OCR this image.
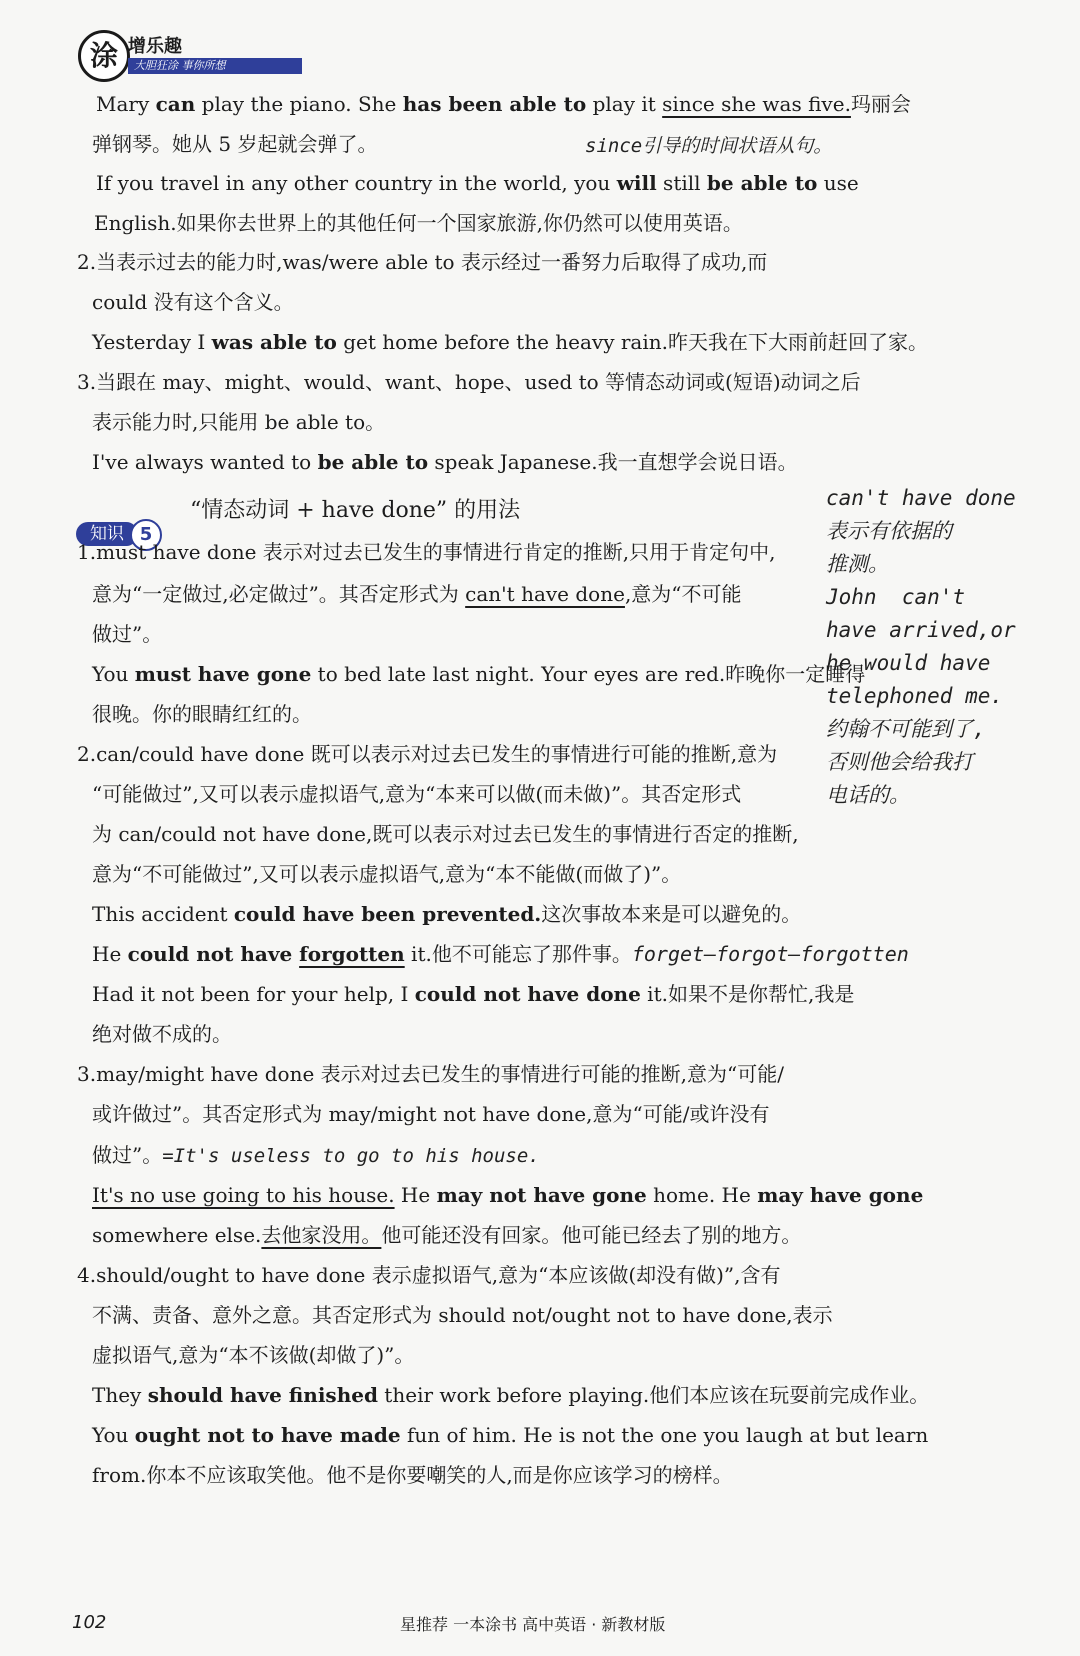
涂 增乐趣
大胆狂涂 事你所想
Mary can play the piano. She has been able to play it since she was five.玛丽会
弹钢琴。她从 5 岁起就会弹了。	since引导的时间状语从句。
If you travel in any other country in the world, you will still be able to use
English.如果你去世界上的其他任何一个国家旅游,你仍然可以使用英语。
2.当表示过去的能力时,was/were able to 表示经过一番努力后取得了成功,而
could 没有这个含义。
Yesterday I was able to get home before the heavy rain.昨天我在下大雨前赶回了家。
3.当跟在 may、might、would、want、hope、used to 等情态动词或(短语)动词之后
表示能力时,只能用 be able to。
I've always wanted to be able to speak Japanese.我一直想学会说日语。
知识 5
“情态动词 + have done” 的用法
1.must have done 表示对过去已发生的事情进行肯定的推断,只用于肯定句中,
意为“一定做过,必定做过”。其否定形式为 can't have done,意为“不可能
做过”。
You must have gone to bed late last night. Your eyes are red.昨晚你一定睡得
很晚。你的眼睛红红的。
2.can/could have done 既可以表示对过去已发生的事情进行可能的推断,意为
“可能做过”,又可以表示虚拟语气,意为“本来可以做(而未做)”。其否定形式
为 can/could not have done,既可以表示对过去已发生的事情进行否定的推断,
意为“不可能做过”,又可以表示虚拟语气,意为“本不能做(而做了)”。
This accident could have been prevented.这次事故本来是可以避免的。
He could not have forgotten it.他不可能忘了那件事。forget—forgot—forgotten
Had it not been for your help, I could not have done it.如果不是你帮忙,我是
绝对做不成的。
3.may/might have done 表示对过去已发生的事情进行可能的推断,意为“可能/
或许做过”。其否定形式为 may/might not have done,意为“可能/或许没有
做过”。=It's useless to go to his house.
It's no use going to his house. He may not have gone home. He may have gone
somewhere else.去他家没用。他可能还没有回家。他可能已经去了别的地方。
4.should/ought to have done 表示虚拟语气,意为“本应该做(却没有做)”,含有
不满、责备、意外之意。其否定形式为 should not/ought not to have done,表示
虚拟语气,意为“本不该做(却做了)”。
They should have finished their work before playing.他们本应该在玩耍前完成作业。
You ought not to have made fun of him. He is not the one you laugh at but learn
from.你本不应该取笑他。他不是你要嘲笑的人,而是你应该学习的榜样。
can't have done
表示有依据的
推测。
John  can't
have arrived,or
he would have
telephoned me.
约翰不可能到了,
否则他会给我打
电话的。
102	星推荐 一本涂书 高中英语 · 新教材版
